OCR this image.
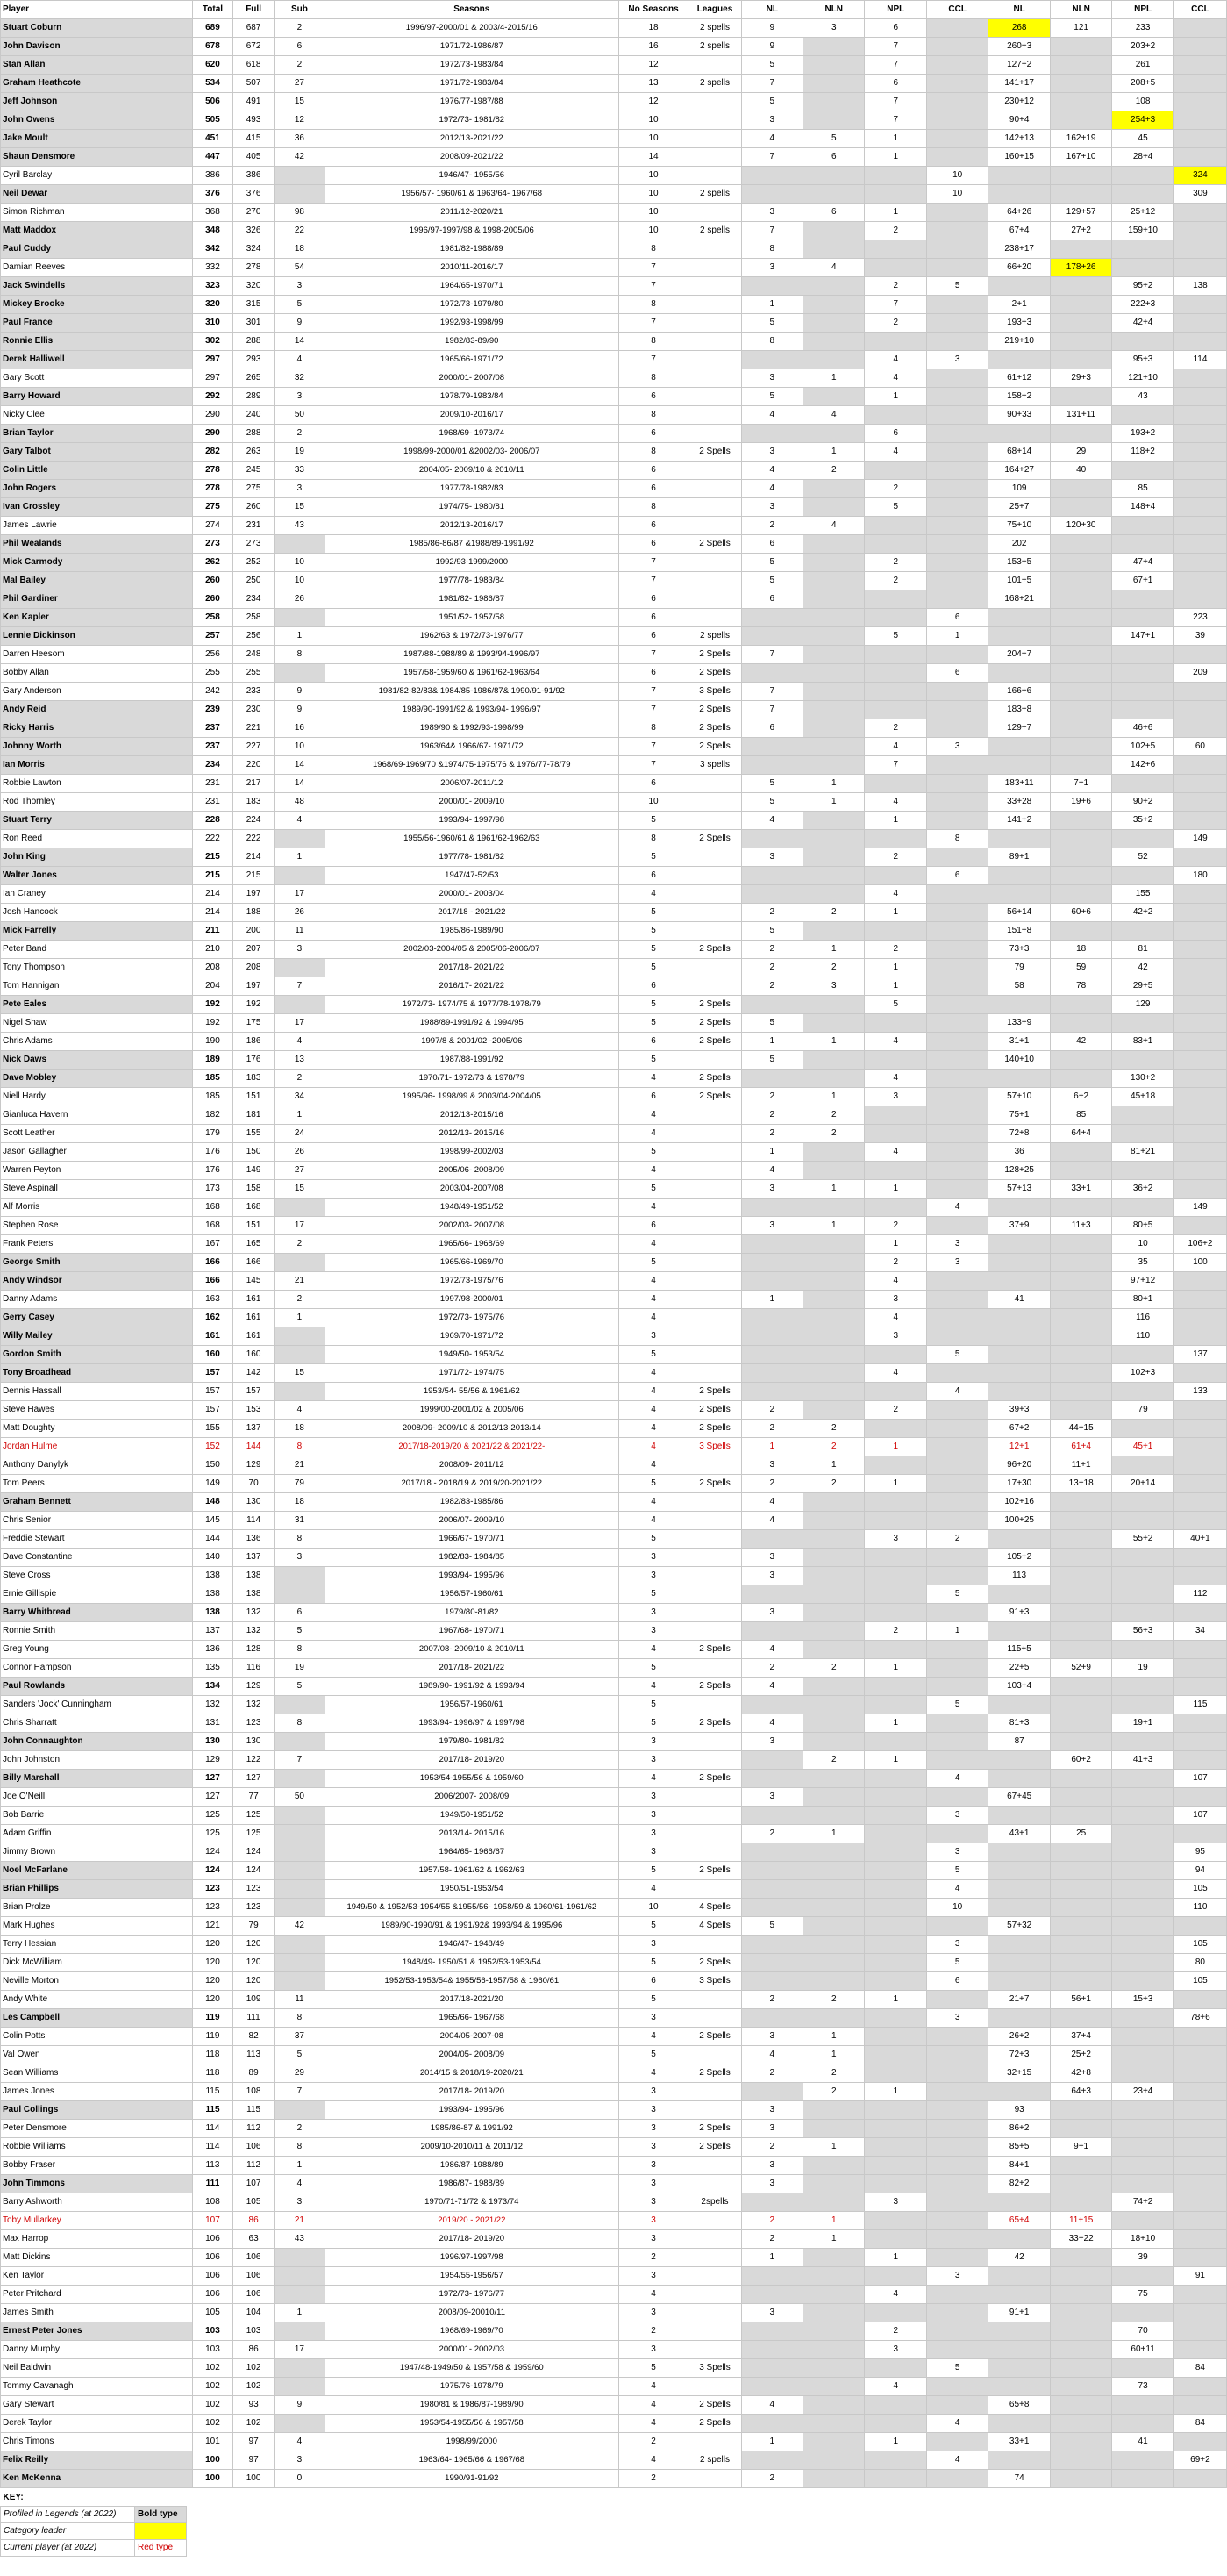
Player	Total	Full	Sub	Seasons	No Seasons	Leagues	NL	NLN	NPL	CCL	NL	NLN	NPL	CCL
Stuart Coburn	689	687	2	1996/97-2000/01 & 2003/4-2015/16	18	2 spells	9	3	6		268	121	233	
John Davison	678	672	6	1971/72-1986/87	16	2 spells	9		7		260+3		203+2	
Stan Allan	620	618	2	1972/73-1983/84	12		5		7		127+2		261	
Graham Heathcote	534	507	27	1971/72-1983/84	13	2 spells	7		6		141+17		208+5	
Jeff Johnson	506	491	15	1976/77-1987/88	12		5		7		230+12		108	
John Owens	505	493	12	1972/73- 1981/82	10		3		7		90+4		254+3	
Jake Moult	451	415	36	2012/13-2021/22	10		4	5	1		142+13	162+19	45	
Shaun Densmore	447	405	42	2008/09-2021/22	14		7	6	1		160+15	167+10	28+4	
Cyril Barclay	386	386		1946/47- 1955/56	10					10				324
Neil Dewar	376	376		1956/57- 1960/61 & 1963/64- 1967/68	10	2 spells				10				309
Simon Richman	368	270	98	2011/12-2020/21	10		3	6	1		64+26	129+57	25+12	
Matt Maddox	348	326	22	1996/97-1997/98 & 1998-2005/06	10	2 spells	7		2		67+4	27+2	159+10	
Paul Cuddy	342	324	18	1981/82-1988/89	8		8				238+17			
Damian Reeves	332	278	54	2010/11-2016/17	7		3	4			66+20	178+26		
Jack Swindells	323	320	3	1964/65-1970/71	7				2	5			95+2	138
Mickey Brooke	320	315	5	1972/73-1979/80	8		1		7		2+1		222+3	
Paul France	310	301	9	1992/93-1998/99	7		5		2		193+3		42+4	
Ronnie Ellis	302	288	14	1982/83-89/90	8		8				219+10			
Derek Halliwell	297	293	4	1965/66-1971/72	7				4	3			95+3	114
Gary Scott	297	265	32	2000/01- 2007/08	8		3	1	4		61+12	29+3	121+10	
Barry Howard	292	289	3	1978/79-1983/84	6		5		1		158+2		43	
Nicky Clee	290	240	50	2009/10-2016/17	8		4	4			90+33	131+11		
Brian Taylor	290	288	2	1968/69- 1973/74	6				6				193+2	
Gary Talbot	282	263	19	1998/99-2000/01 &2002/03- 2006/07	8	2 Spells	3	1	4		68+14	29	118+2	
Colin Little	278	245	33	2004/05- 2009/10 & 2010/11	6		4	2			164+27	40		
John Rogers	278	275	3	1977/78-1982/83	6		4		2		109		85	
Ivan Crossley	275	260	15	1974/75- 1980/81	8		3		5		25+7		148+4	
James Lawrie	274	231	43	2012/13-2016/17	6		2	4			75+10	120+30		
Phil Wealands	273	273		1985/86-86/87 &1988/89-1991/92	6	2 Spells	6				202			
Mick Carmody	262	252	10	1992/93-1999/2000	7		5		2		153+5		47+4	
Mal Bailey	260	250	10	1977/78- 1983/84	7		5		2		101+5		67+1	
Phil Gardiner	260	234	26	1981/82- 1986/87	6		6				168+21			
Ken Kapler	258	258		1951/52- 1957/58	6					6				223
Lennie Dickinson	257	256	1	1962/63 & 1972/73-1976/77	6	2 spells			5	1			147+1	39
Darren Heesom	256	248	8	1987/88-1988/89 & 1993/94-1996/97	7	2 Spells	7				204+7			
Bobby Allan	255	255		1957/58-1959/60 & 1961/62-1963/64	6	2 Spells				6				209
Gary Anderson	242	233	9	1981/82-82/83& 1984/85-1986/87& 1990/91-91/92	7	3 Spells	7				166+6			
Andy Reid	239	230	9	1989/90-1991/92 & 1993/94- 1996/97	7	2 Spells	7				183+8			
Ricky Harris	237	221	16	1989/90 & 1992/93-1998/99	8	2 Spells	6		2		129+7		46+6	
Johnny Worth	237	227	10	1963/64& 1966/67- 1971/72	7	2 Spells			4	3			102+5	60
Ian Morris	234	220	14	1968/69-1969/70 &1974/75-1975/76 & 1976/77-78/79	7	3 spells			7				142+6	
Robbie Lawton	231	217	14	2006/07-2011/12	6		5	1			183+11	7+1		
Rod Thornley	231	183	48	2000/01- 2009/10	10		5	1	4		33+28	19+6	90+2	
Stuart Terry	228	224	4	1993/94- 1997/98	5		4		1		141+2		35+2	
Ron Reed	222	222		1955/56-1960/61 & 1961/62-1962/63	8	2 Spells				8				149
John King	215	214	1	1977/78- 1981/82	5		3		2		89+1		52	
Walter Jones	215	215		1947/47-52/53	6					6				180
Ian Craney	214	197	17	2000/01- 2003/04	4				4				155	
Josh Hancock	214	188	26	2017/18 - 2021/22	5		2	2	1		56+14	60+6	42+2	
Mick Farrelly	211	200	11	1985/86-1989/90	5		5				151+8			
Peter Band	210	207	3	2002/03-2004/05 & 2005/06-2006/07	5	2 Spells	2	1	2		73+3	18	81	
Tony Thompson	208	208		2017/18- 2021/22	5		2	2	1		79	59	42	
Tom Hannigan	204	197	7	2016/17- 2021/22	6		2	3	1		58	78	29+5	
Pete Eales	192	192		1972/73- 1974/75 & 1977/78-1978/79	5	2 Spells			5				129	
Nigel Shaw	192	175	17	1988/89-1991/92 & 1994/95	5	2 Spells	5				133+9			
Chris Adams	190	186	4	1997/8 & 2001/02 -2005/06	6	2 Spells	1	1	4		31+1	42	83+1	
Nick Daws	189	176	13	1987/88-1991/92	5		5				140+10			
Dave Mobley	185	183	2	1970/71- 1972/73 & 1978/79	4	2 Spells			4				130+2	
Niell Hardy	185	151	34	1995/96- 1998/99 & 2003/04-2004/05	6	2 Spells	2	1	3		57+10	6+2	45+18	
Gianluca Havern	182	181	1	2012/13-2015/16	4		2	2			75+1	85		
Scott Leather	179	155	24	2012/13- 2015/16	4		2	2			72+8	64+4		
Jason Gallagher	176	150	26	1998/99-2002/03	5		1		4		36		81+21	
Warren Peyton	176	149	27	2005/06- 2008/09	4		4				128+25			
Steve Aspinall	173	158	15	2003/04-2007/08	5		3	1	1		57+13	33+1	36+2	
Alf Morris	168	168		1948/49-1951/52	4					4				149
Stephen Rose	168	151	17	2002/03- 2007/08	6		3	1	2		37+9	11+3	80+5	
Frank Peters	167	165	2	1965/66- 1968/69	4				1	3			10	106+2
George Smith	166	166		1965/66-1969/70	5				2	3			35	100
Andy Windsor	166	145	21	1972/73-1975/76	4				4				97+12	
Danny Adams	163	161	2	1997/98-2000/01	4		1		3		41		80+1	
Gerry Casey	162	161	1	1972/73- 1975/76	4				4				116	
Willy Mailey	161	161		1969/70-1971/72	3				3				110	
Gordon Smith	160	160		1949/50- 1953/54	5					5				137
Tony Broadhead	157	142	15	1971/72- 1974/75	4				4				102+3	
Dennis Hassall	157	157		1953/54- 55/56 & 1961/62	4	2 Spells				4				133
Steve Hawes	157	153	4	1999/00-2001/02 & 2005/06	4	2 Spells	2		2		39+3		79	
Matt Doughty	155	137	18	2008/09- 2009/10 & 2012/13-2013/14	4	2 Spells	2	2			67+2	44+15		
Jordan Hulme	152	144	8	2017/18-2019/20 & 2021/22 & 2021/22-	4	3 Spells	1	2	1		12+1	61+4	45+1	
Anthony Danylyk	150	129	21	2008/09- 2011/12	4		3	1			96+20	11+1		
Tom Peers	149	70	79	2017/18 - 2018/19 & 2019/20-2021/22	5	2 Spells	2	2	1		17+30	13+18	20+14	
Graham Bennett	148	130	18	1982/83-1985/86	4		4				102+16			
Chris Senior	145	114	31	2006/07- 2009/10	4		4				100+25			
Freddie Stewart	144	136	8	1966/67- 1970/71	5				3	2			55+2	40+1
Dave Constantine	140	137	3	1982/83- 1984/85	3		3				105+2			
Steve Cross	138	138		1993/94- 1995/96	3		3				113			
Ernie Gillispie	138	138		1956/57-1960/61	5					5				112
Barry Whitbread	138	132	6	1979/80-81/82	3		3				91+3			
Ronnie Smith	137	132	5	1967/68- 1970/71	3				2	1			56+3	34
Greg Young	136	128	8	2007/08- 2009/10 & 2010/11	4	2 Spells	4				115+5			
Connor Hampson	135	116	19	2017/18- 2021/22	5		2	2	1		22+5	52+9	19	
Paul Rowlands	134	129	5	1989/90- 1991/92 & 1993/94	4	2 Spells	4				103+4			
Sanders 'Jock' Cunningham	132	132		1956/57-1960/61	5					5				115
Chris Sharratt	131	123	8	1993/94- 1996/97 & 1997/98	5	2 Spells	4		1		81+3		19+1	
John Connaughton	130	130		1979/80- 1981/82	3		3				87			
John Johnston	129	122	7	2017/18- 2019/20	3			2	1			60+2	41+3	
Billy Marshall	127	127		1953/54-1955/56 & 1959/60	4	2 Spells				4				107
Joe O'Neill	127	77	50	2006/2007- 2008/09	3		3				67+45			
Bob Barrie	125	125		1949/50-1951/52	3					3				107
Adam Griffin	125	125		2013/14- 2015/16	3		2	1			43+1	25		
Jimmy Brown	124	124		1964/65- 1966/67	3					3				95
Noel McFarlane	124	124		1957/58- 1961/62 & 1962/63	5	2 Spells				5				94
Brian Phillips	123	123		1950/51-1953/54	4					4				105
Brian Prolze	123	123		1949/50 & 1952/53-1954/55 &1955/56- 1958/59 & 1960/61-1961/62	10	4 Spells				10				110
Mark Hughes	121	79	42	1989/90-1990/91 & 1991/92& 1993/94 & 1995/96	5	4 Spells	5				57+32			
Terry Hessian	120	120		1946/47- 1948/49	3					3				105
Dick McWilliam	120	120		1948/49- 1950/51 & 1952/53-1953/54	5	2 Spells				5				80
Neville Morton	120	120		1952/53-1953/54& 1955/56-1957/58 & 1960/61	6	3 Spells				6				105
Andy White	120	109	11	2017/18-2021/20	5		2	2	1		21+7	56+1	15+3	
Les Campbell	119	111	8	1965/66- 1967/68	3					3				78+6
Colin Potts	119	82	37	2004/05-2007-08	4	2 Spells	3	1			26+2	37+4		
Val Owen	118	113	5	2004/05- 2008/09	5		4	1			72+3	25+2		
Sean Williams	118	89	29	2014/15 & 2018/19-2020/21	4	2 Spells	2	2			32+15	42+8		
James Jones	115	108	7	2017/18- 2019/20	3			2	1			64+3	23+4	
Paul Collings	115	115		1993/94- 1995/96	3		3				93			
Peter Densmore	114	112	2	1985/86-87 & 1991/92	3	2 Spells	3				86+2			
Robbie Williams	114	106	8	2009/10-2010/11 & 2011/12	3	2 Spells	2	1			85+5	9+1		
Bobby Fraser	113	112	1	1986/87-1988/89	3		3				84+1			
John Timmons	111	107	4	1986/87- 1988/89	3		3				82+2			
Barry Ashworth	108	105	3	1970/71-71/72 & 1973/74	3	2spells			3				74+2	
Toby Mullarkey	107	86	21	2019/20 - 2021/22	3		2	1			65+4	11+15		
Max Harrop	106	63	43	2017/18- 2019/20	3		2	1				33+22	18+10	
Matt Dickins	106	106		1996/97-1997/98	2		1		1		42		39	
Ken Taylor	106	106		1954/55-1956/57	3					3				91
Peter Pritchard	106	106		1972/73- 1976/77	4				4				75	
James Smith	105	104	1	2008/09-20010/11	3		3				91+1			
Ernest Peter Jones	103	103		1968/69-1969/70	2				2				70	
Danny Murphy	103	86	17	2000/01- 2002/03	3				3				60+11	
Neil Baldwin	102	102		1947/48-1949/50 & 1957/58 & 1959/60	5	3 Spells				5				84
Tommy Cavanagh	102	102		1975/76-1978/79	4				4				73	
Gary Stewart	102	93	9	1980/81 & 1986/87-1989/90	4	2 Spells	4				65+8			
Derek Taylor	102	102		1953/54-1955/56 & 1957/58	4	2 Spells				4				84
Chris Timons	101	97	4	1998/99/2000	2		1		1		33+1		41	
Felix Reilly	100	97	3	1963/64- 1965/66 & 1967/68	4	2 spells				4				69+2
Ken McKenna	100	100	0	1990/91-91/92	2		2				74			
KEY:	
Profiled in Legends (at 2022)	Bold type
Category leader	
Current player (at 2022)	Red type
